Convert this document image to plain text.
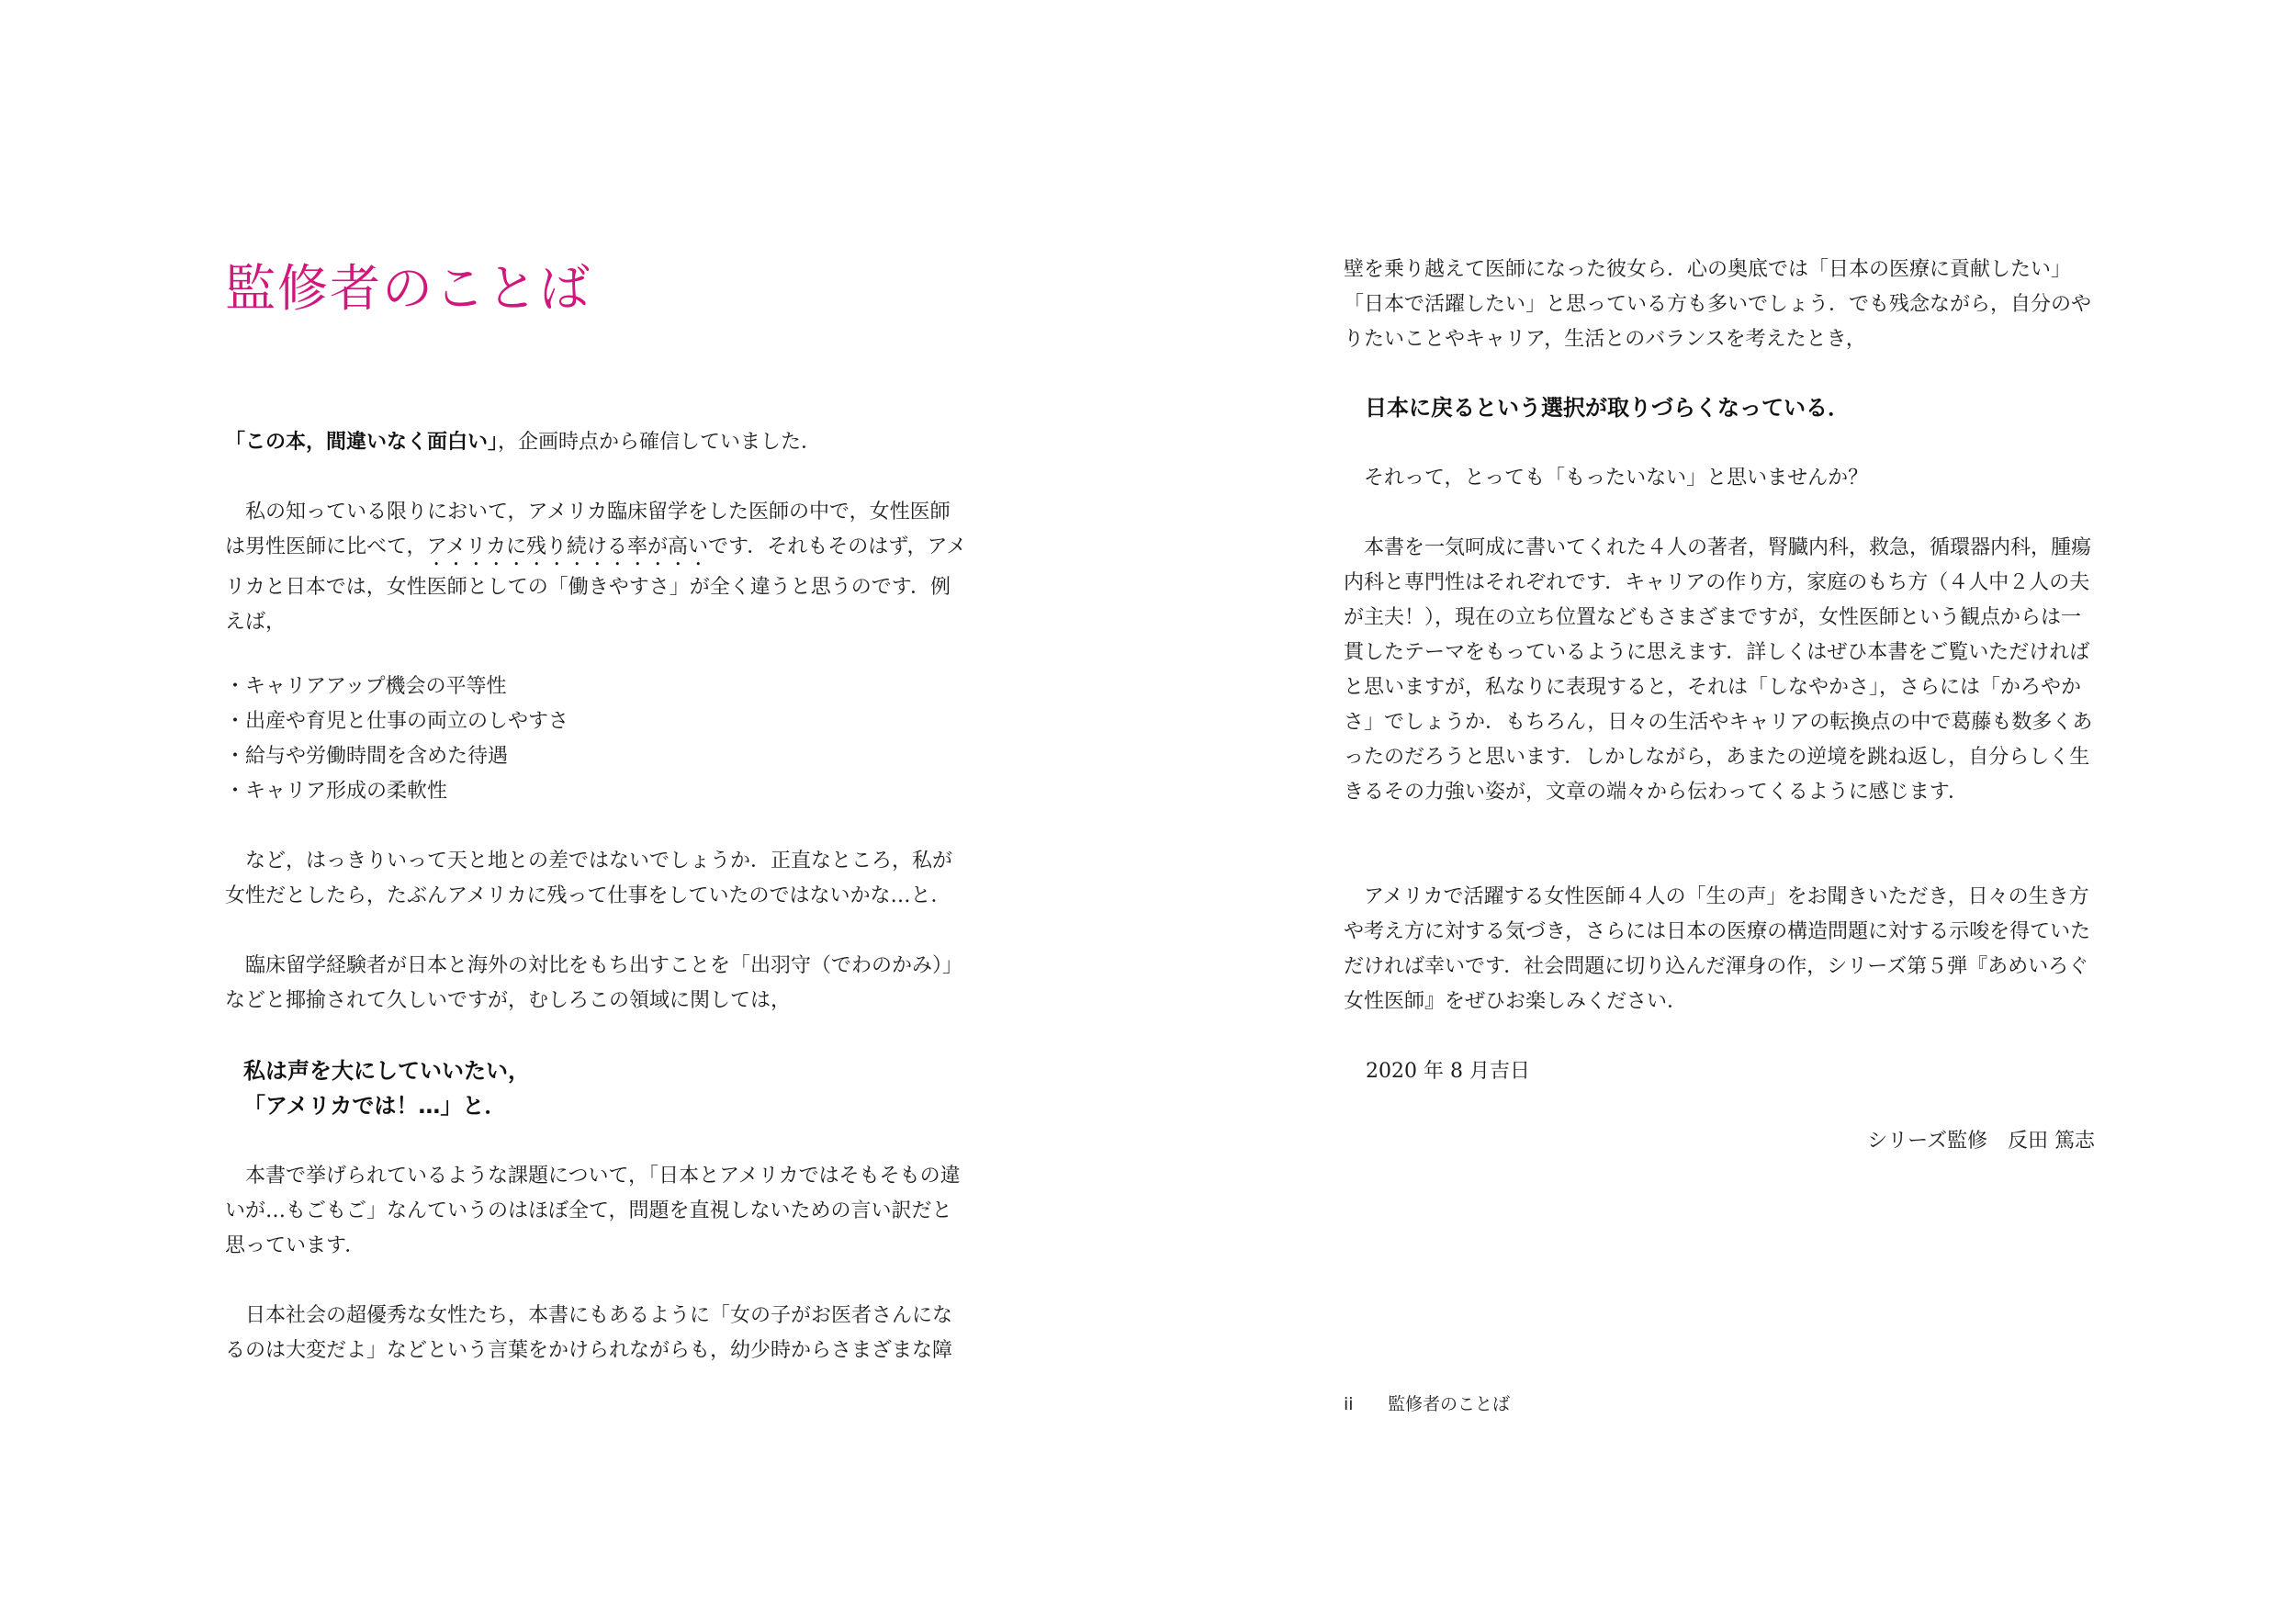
監修者のことば

「この本，間違いなく面白い」，企画時点から確信していました．

　私の知っている限りにおいて，アメリカ臨床留学をした医師の中で，女性医師は男性医師に比べて，アメリカに残り続ける率が高いです．それもそのはず，アメリカと日本では，女性医師としての「働きやすさ」が全く違うと思うのです．例えば，

・キャリアアップ機会の平等性
・出産や育児と仕事の両立のしやすさ
・給与や労働時間を含めた待遇
・キャリア形成の柔軟性

　など，はっきりいって天と地との差ではないでしょうか．正直なところ，私が女性だとしたら，たぶんアメリカに残って仕事をしていたのではないかな…と．

　臨床留学経験者が日本と海外の対比をもち出すことを「出羽守（でわのかみ）」などと揶揄されて久しいですが，むしろこの領域に関しては，

私は声を大にしていいたい，

「アメリカでは！…」と．

　本書で挙げられているような課題について，「日本とアメリカではそもそもの違いが…もごもご」なんていうのはほぼ全て，問題を直視しないための言い訳だと思っています．

　日本社会の超優秀な女性たち，本書にもあるように「女の子がお医者さんになるのは大変だよ」などという言葉をかけられながらも，幼少時からさまざまな障

壁を乗り越えて医師になった彼女ら．心の奥底では「日本の医療に貢献したい」「日本で活躍したい」と思っている方も多いでしょう．でも残念ながら，自分のやりたいことやキャリア，生活とのバランスを考えたとき，

日本に戻るという選択が取りづらくなっている．

　それって，とっても「もったいない」と思いませんか？

　本書を一気呵成に書いてくれた４人の著者，腎臓内科，救急，循環器内科，腫瘍内科と専門性はそれぞれです．キャリアの作り方，家庭のもち方（４人中２人の夫が主夫！），現在の立ち位置などもさまざまですが，女性医師という観点からは一貫したテーマをもっているように思えます．詳しくはぜひ本書をご覧いただければと思いますが，私なりに表現すると，それは「しなやかさ」，さらには「かろやかさ」でしょうか．もちろん，日々の生活やキャリアの転換点の中で葛藤も数多くあったのだろうと思います．しかしながら，あまたの逆境を跳ね返し，自分らしく生きるその力強い姿が，文章の端々から伝わってくるように感じます．

　アメリカで活躍する女性医師４人の「生の声」をお聞きいただき，日々の生き方や考え方に対する気づき，さらには日本の医療の構造問題に対する示唆を得ていただければ幸いです．社会問題に切り込んだ渾身の作，シリーズ第５弾『あめいろぐ女性医師』をぜひお楽しみください．

2020 年 8 月吉日

シリーズ監修　反田 篤志

ii 監修者のことば
